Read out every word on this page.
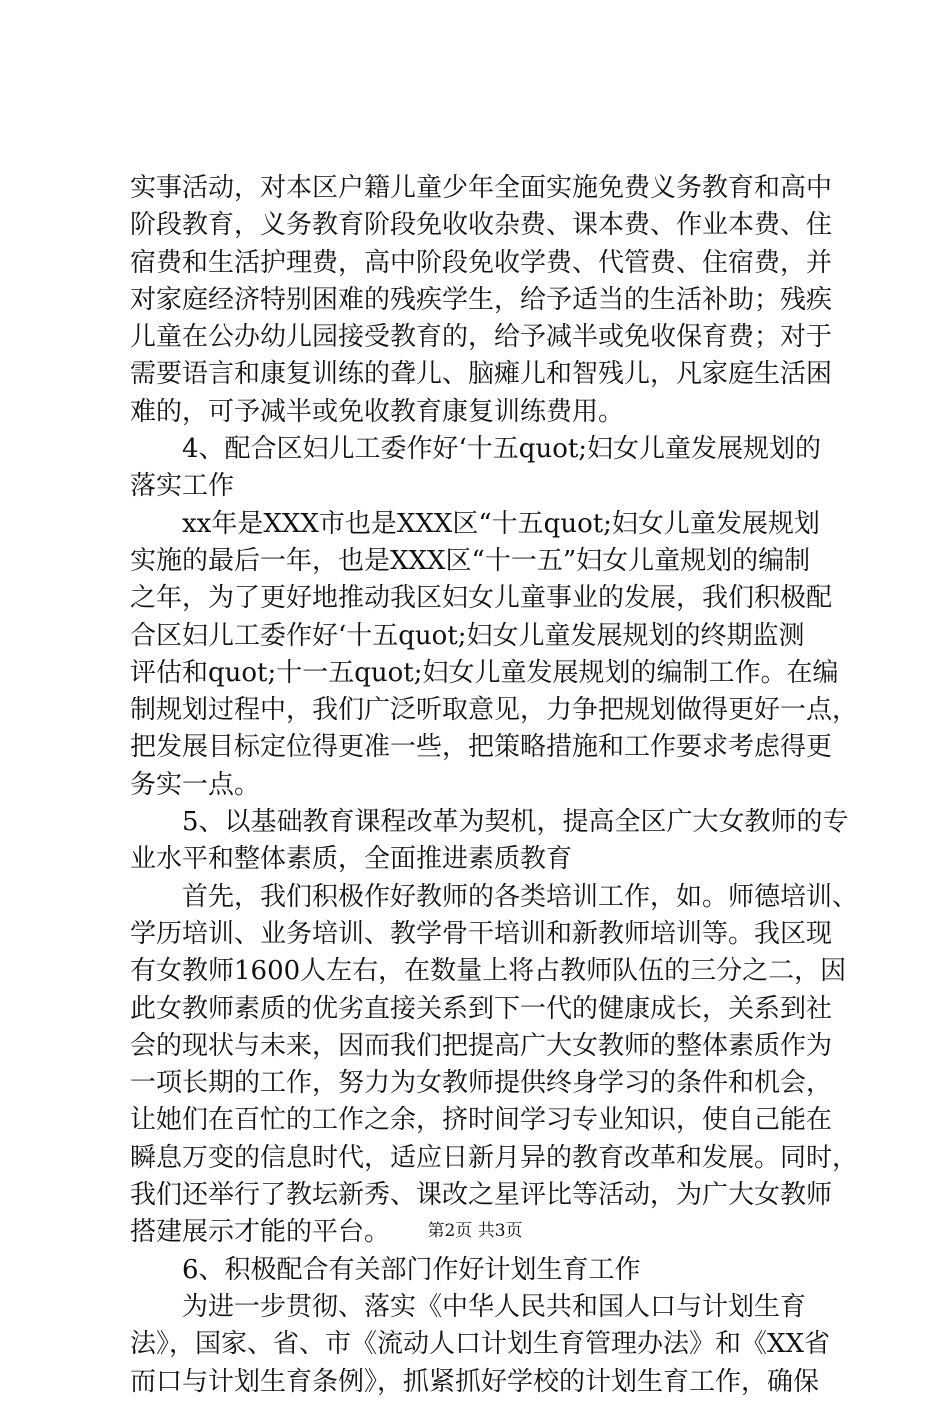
实事活动，对本区户籍儿童少年全面实施免费义务教育和高中
阶段教育，义务教育阶段免收收杂费、课本费、作业本费、住
宿费和生活护理费，高中阶段免收学费、代管费、住宿费，并
对家庭经济特别困难的残疾学生，给予适当的生活补助；残疾
儿童在公办幼儿园接受教育的，给予减半或免收保育费；对于
需要语言和康复训练的聋儿、脑瘫儿和智残儿，凡家庭生活困
难的，可予减半或免收教育康复训练费用。
4、配合区妇儿工委作好‘十五quot;妇女儿童发展规划的
落实工作
xx年是XXX市也是XXX区“十五quot;妇女儿童发展规划
实施的最后一年，也是XXX区“十一五”妇女儿童规划的编制
之年，为了更好地推动我区妇女儿童事业的发展，我们积极配
合区妇儿工委作好‘十五quot;妇女儿童发展规划的终期监测
评估和quot;十一五quot;妇女儿童发展规划的编制工作。在编
制规划过程中，我们广泛听取意见，力争把规划做得更好一点，
把发展目标定位得更准一些，把策略措施和工作要求考虑得更
务实一点。
5、以基础教育课程改革为契机，提高全区广大女教师的专
业水平和整体素质，全面推进素质教育
首先，我们积极作好教师的各类培训工作，如。师德培训、
学历培训、业务培训、教学骨干培训和新教师培训等。我区现
有女教师1600人左右，在数量上将占教师队伍的三分之二，因
此女教师素质的优劣直接关系到下一代的健康成长，关系到社
会的现状与未来，因而我们把提高广大女教师的整体素质作为
一项长期的工作，努力为女教师提供终身学习的条件和机会，
让她们在百忙的工作之余，挤时间学习专业知识，使自己能在
瞬息万变的信息时代，适应日新月异的教育改革和发展。同时，
我们还举行了教坛新秀、课改之星评比等活动，为广大女教师
搭建展示才能的平台。
6、积极配合有关部门作好计划生育工作
为进一步贯彻、落实《中华人民共和国人口与计划生育
法》，国家、省、市《流动人口计划生育管理办法》和《XX省
而口与计划生育条例》，抓紧抓好学校的计划生育工作，确保
第2页 共3页
